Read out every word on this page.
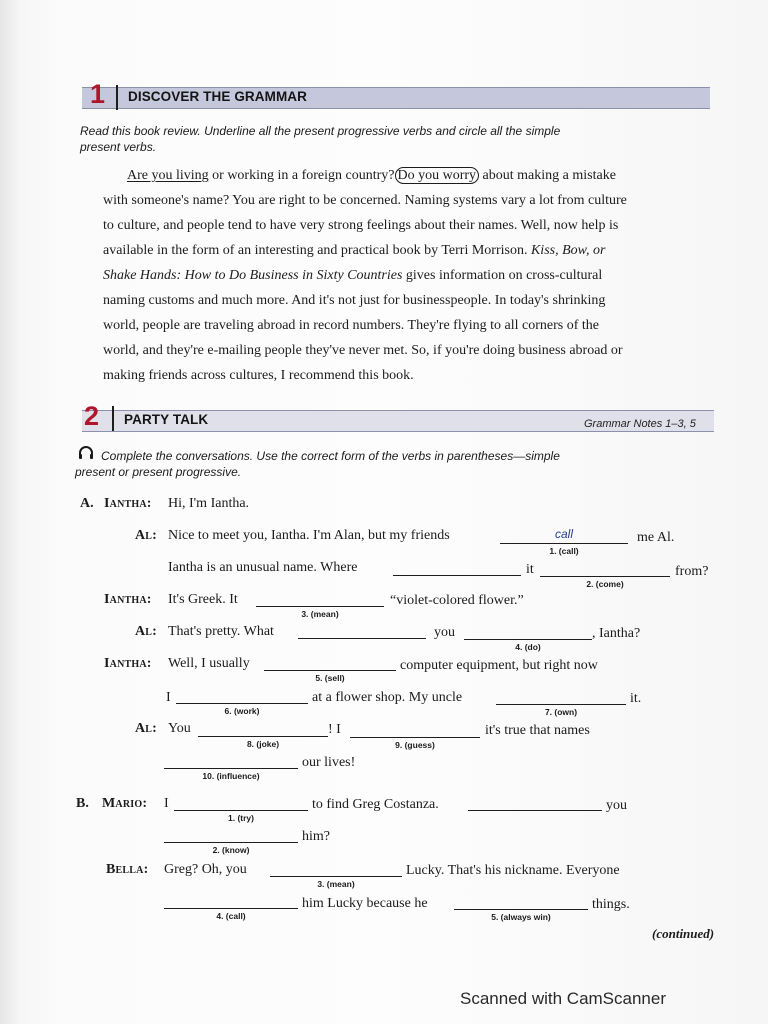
1 DISCOVER THE GRAMMAR
Read this book review. Underline all the present progressive verbs and circle all the simple
present verbs.
Are you living or working in a foreign country? Do you worry about making a mistake
with someone's name? You are right to be concerned. Naming systems vary a lot from culture
to culture, and people tend to have very strong feelings about their names. Well, now help is
available in the form of an interesting and practical book by Terri Morrison. Kiss, Bow, or
Shake Hands: How to Do Business in Sixty Countries gives information on cross-cultural
naming customs and much more. And it's not just for businesspeople. In today's shrinking
world, people are traveling abroad in record numbers. They're flying to all corners of the
world, and they're e-mailing people they've never met. So, if you're doing business abroad or
making friends across cultures, I recommend this book.
2 PARTY TALK	Grammar Notes 1–3, 5
Complete the conversations. Use the correct form of the verbs in parentheses—simple
present or present progressive.
A. Iantha: Hi, I'm Iantha.
Al: Nice to meet you, Iantha. I'm Alan, but my friends	call
1. (call)
me Al.
Iantha is an unusual name. Where	it
2. (come)
from?
Iantha: It's Greek. It
3. (mean)
“violet-colored flower.”
Al: That's pretty. What	you
4. (do)
, Iantha?
Iantha: Well, I usually
5. (sell)
computer equipment, but right now
I
6. (work)
at a flower shop. My uncle
7. (own)
it.
Al: You
8. (joke)
! I
9. (guess)
it's true that names
10. (influence)
our lives!
B. Mario: I
1. (try)
to find Greg Costanza.	you
2. (know)
him?
Bella: Greg? Oh, you
3. (mean)
Lucky. That's his nickname. Everyone
4. (call)
him Lucky because he
5. (always win)
things.
(continued)
Scanned with CamScanner
